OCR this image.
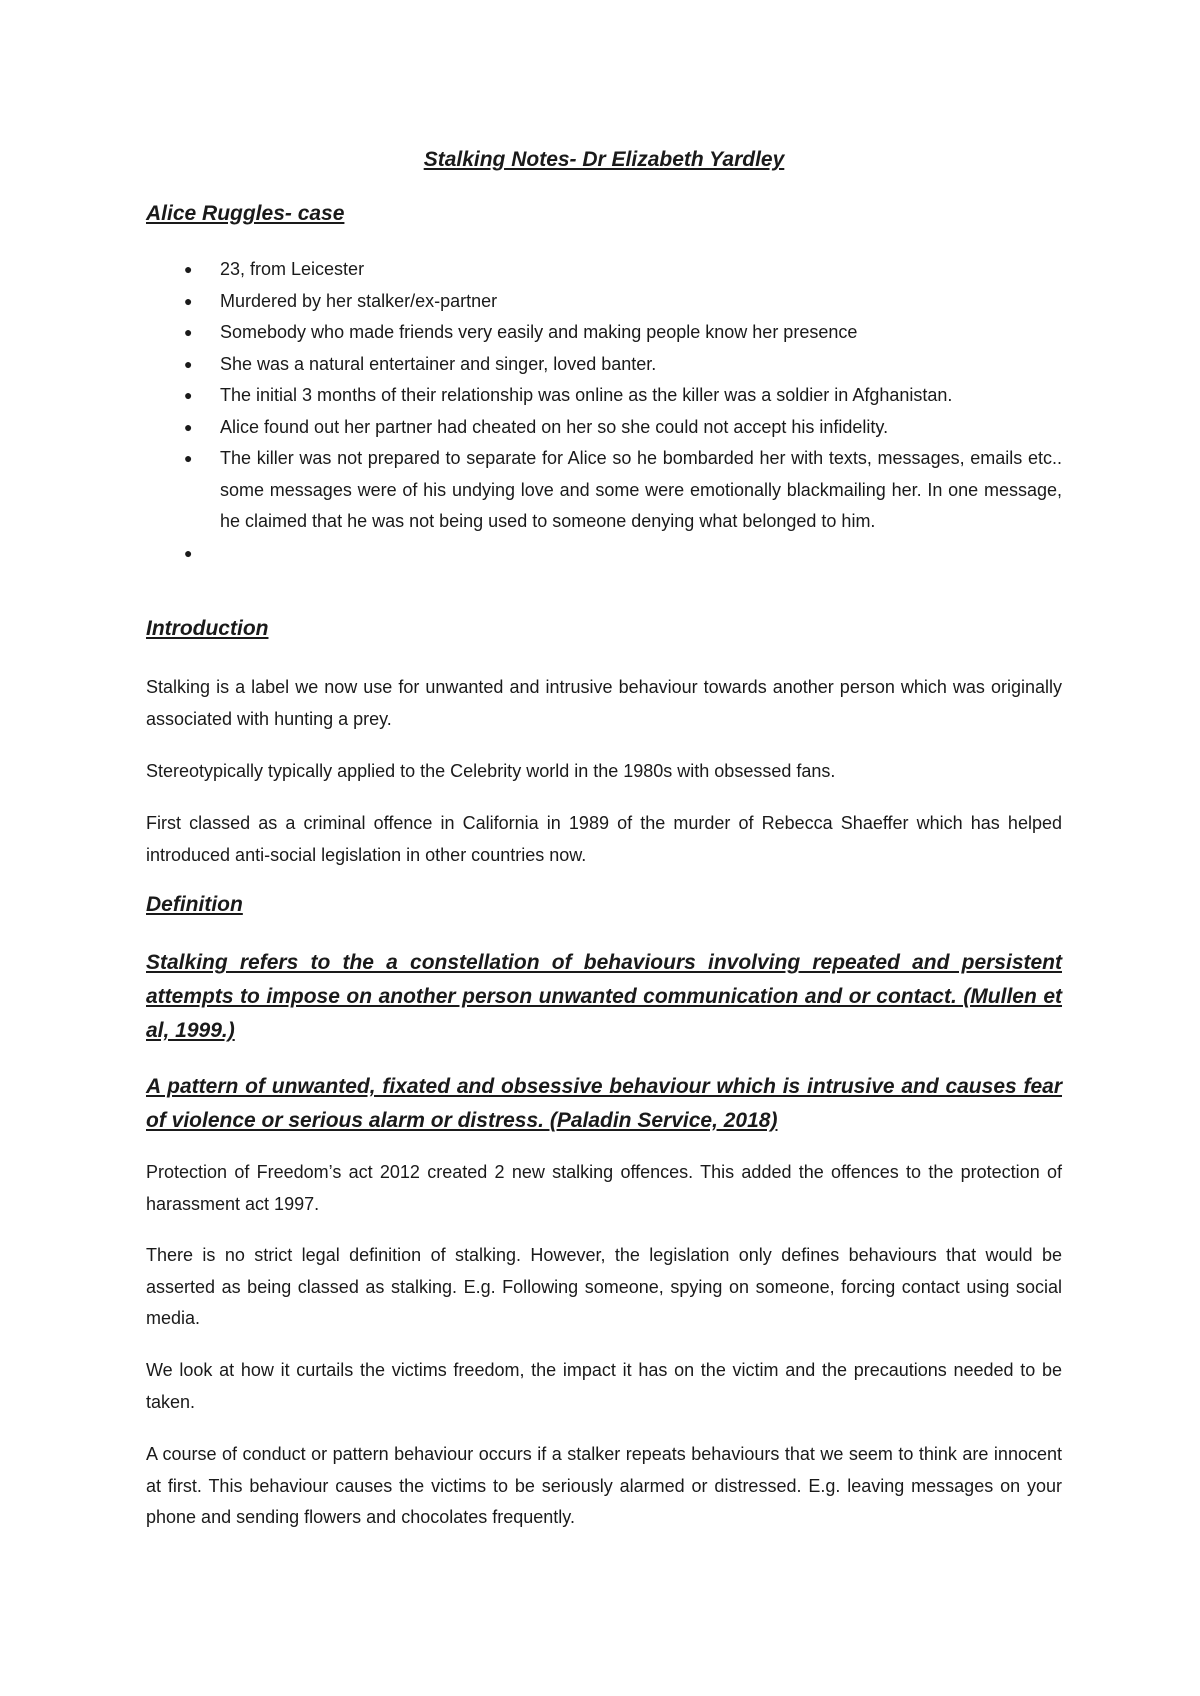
Stalking Notes- Dr Elizabeth Yardley
Alice Ruggles- case
● 23, from Leicester
● Murdered by her stalker/ex-partner
● Somebody who made friends very easily and making people know her presence
● She was a natural entertainer and singer, loved banter.
● The initial 3 months of their relationship was online as the killer was a soldier in Afghanistan.
● Alice found out her partner had cheated on her so she could not accept his infidelity.
● The killer was not prepared to separate for Alice so he bombarded her with texts, messages, emails etc.. some messages were of his undying love and some were emotionally blackmailing her. In one message, he claimed that he was not being used to someone denying what belonged to him.
●

Introduction

Stalking is a label we now use for unwanted and intrusive behaviour towards another person which was originally associated with hunting a prey.

Stereotypically typically applied to the Celebrity world in the 1980s with obsessed fans.

First classed as a criminal offence in California in 1989 of the murder of Rebecca Shaeffer which has helped introduced anti-social legislation in other countries now.

Definition

Stalking refers to the a constellation of behaviours involving repeated and persistent attempts to impose on another person unwanted communication and or contact. (Mullen et al, 1999.)

A pattern of unwanted, fixated and obsessive behaviour which is intrusive and causes fear of violence or serious alarm or distress. (Paladin Service, 2018)

Protection of Freedom’s act 2012 created 2 new stalking offences. This added the offences to the protection of harassment act 1997.

There is no strict legal definition of stalking. However, the legislation only defines behaviours that would be asserted as being classed as stalking. E.g. Following someone, spying on someone, forcing contact using social media.

We look at how it curtails the victims freedom, the impact it has on the victim and the precautions needed to be taken.

A course of conduct or pattern behaviour occurs if a stalker repeats behaviours that we seem to think are innocent at first. This behaviour causes the victims to be seriously alarmed or distressed. E.g. leaving messages on your phone and sending flowers and chocolates frequently.
